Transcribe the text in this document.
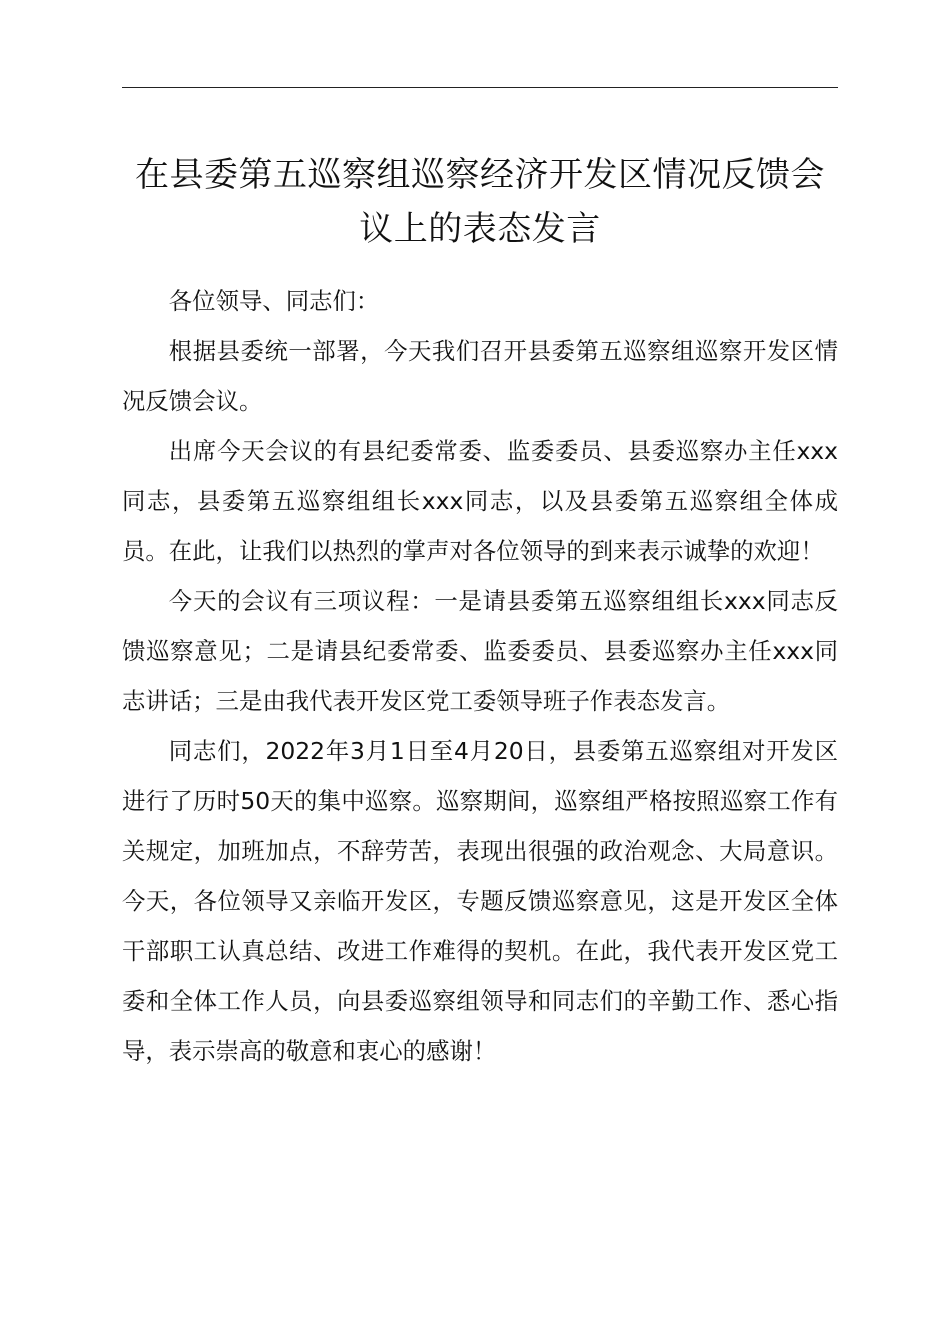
在县委第五巡察组巡察经济开发区情况反馈会议上的表态发言

各位领导、同志们：

根据县委统一部署，今天我们召开县委第五巡察组巡察开发区情况反馈会议。

出席今天会议的有县纪委常委、监委委员、县委巡察办主任xxx同志，县委第五巡察组组长xxx同志，以及县委第五巡察组全体成员。在此，让我们以热烈的掌声对各位领导的到来表示诚挚的欢迎！

今天的会议有三项议程：一是请县委第五巡察组组长xxx同志反馈巡察意见；二是请县纪委常委、监委委员、县委巡察办主任xxx同志讲话；三是由我代表开发区党工委领导班子作表态发言。

同志们，2022年3月1日至4月20日，县委第五巡察组对开发区进行了历时50天的集中巡察。巡察期间，巡察组严格按照巡察工作有关规定，加班加点，不辞劳苦，表现出很强的政治观念、大局意识。今天，各位领导又亲临开发区，专题反馈巡察意见，这是开发区全体干部职工认真总结、改进工作难得的契机。在此，我代表开发区党工委和全体工作人员，向县委巡察组领导和同志们的辛勤工作、悉心指导，表示崇高的敬意和衷心的感谢！
